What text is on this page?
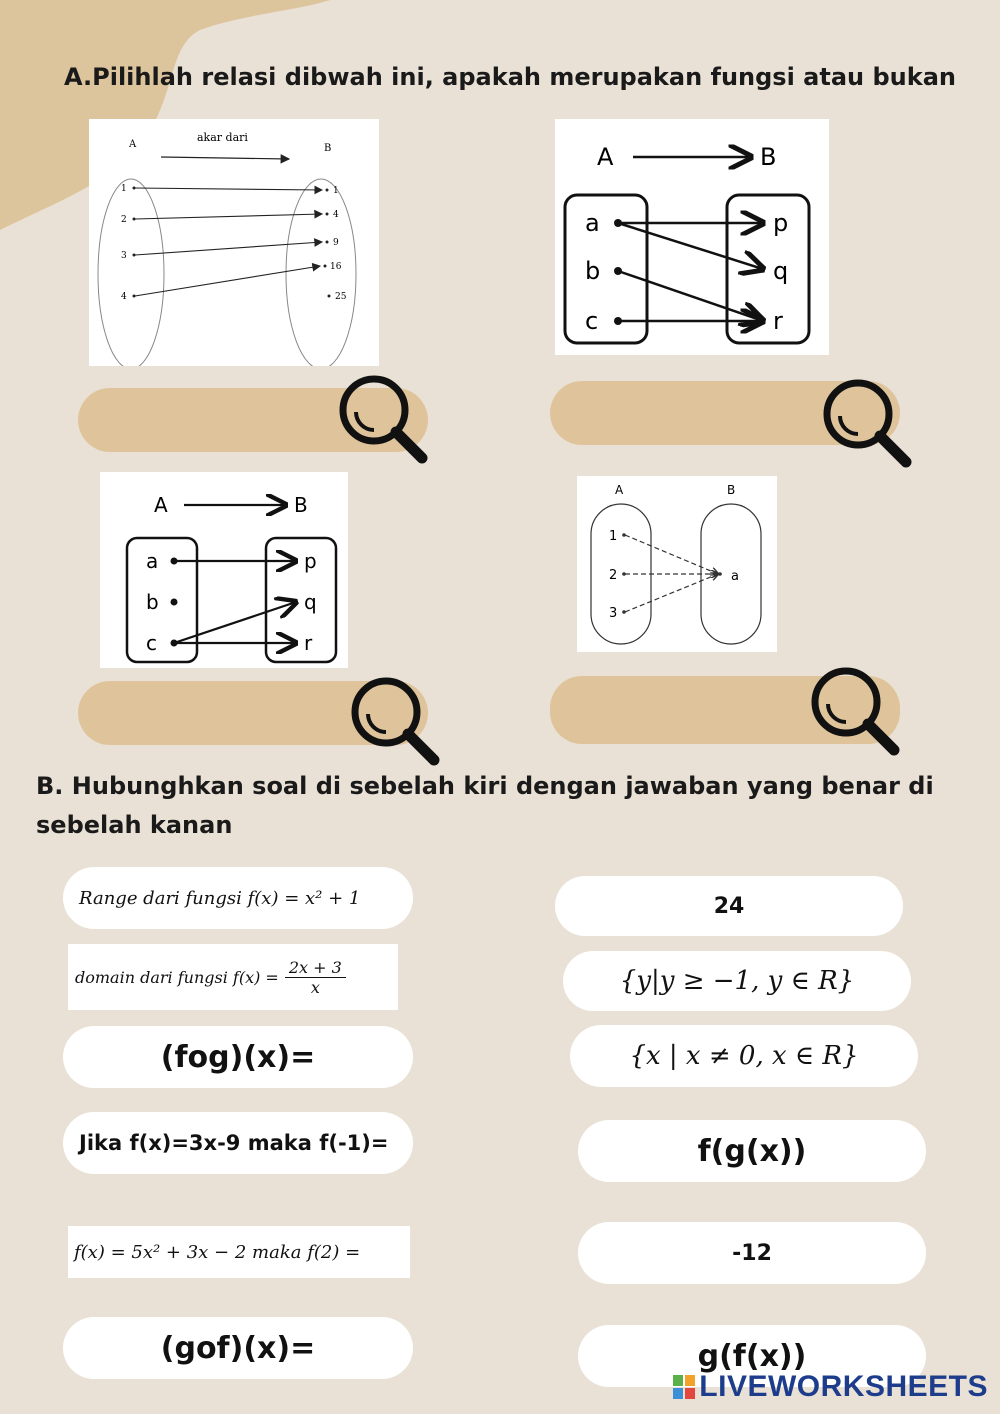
A.Pilihlah relasi dibwah ini, apakah merupakan fungsi atau bukan
A	B
akar dari
1
2
3
4
1
4
9
16
25
A	B
a
b
c
p
q
r
A	B
a
b
c
p
q
r
A	B
1
2
3
a
B. Hubunghkan soal di sebelah kiri dengan jawaban yang benar di
sebelah kanan
Range dari fungsi f(x) = x² + 1
domain dari fungsi $f(x) = \frac{2x + 3}{x}$
(fog)(x)=
Jika f(x)=3x-9 maka f(-1)=
f(x) = 5x² + 3x − 2 maka f(2) =
(gof)(x)=
24
{y|y ≥ −1, y ∈ R}
{x | x ≠ 0, x ∈ R}
f(g(x))
-12
g(f(x))
LIVEWORKSHEETS
